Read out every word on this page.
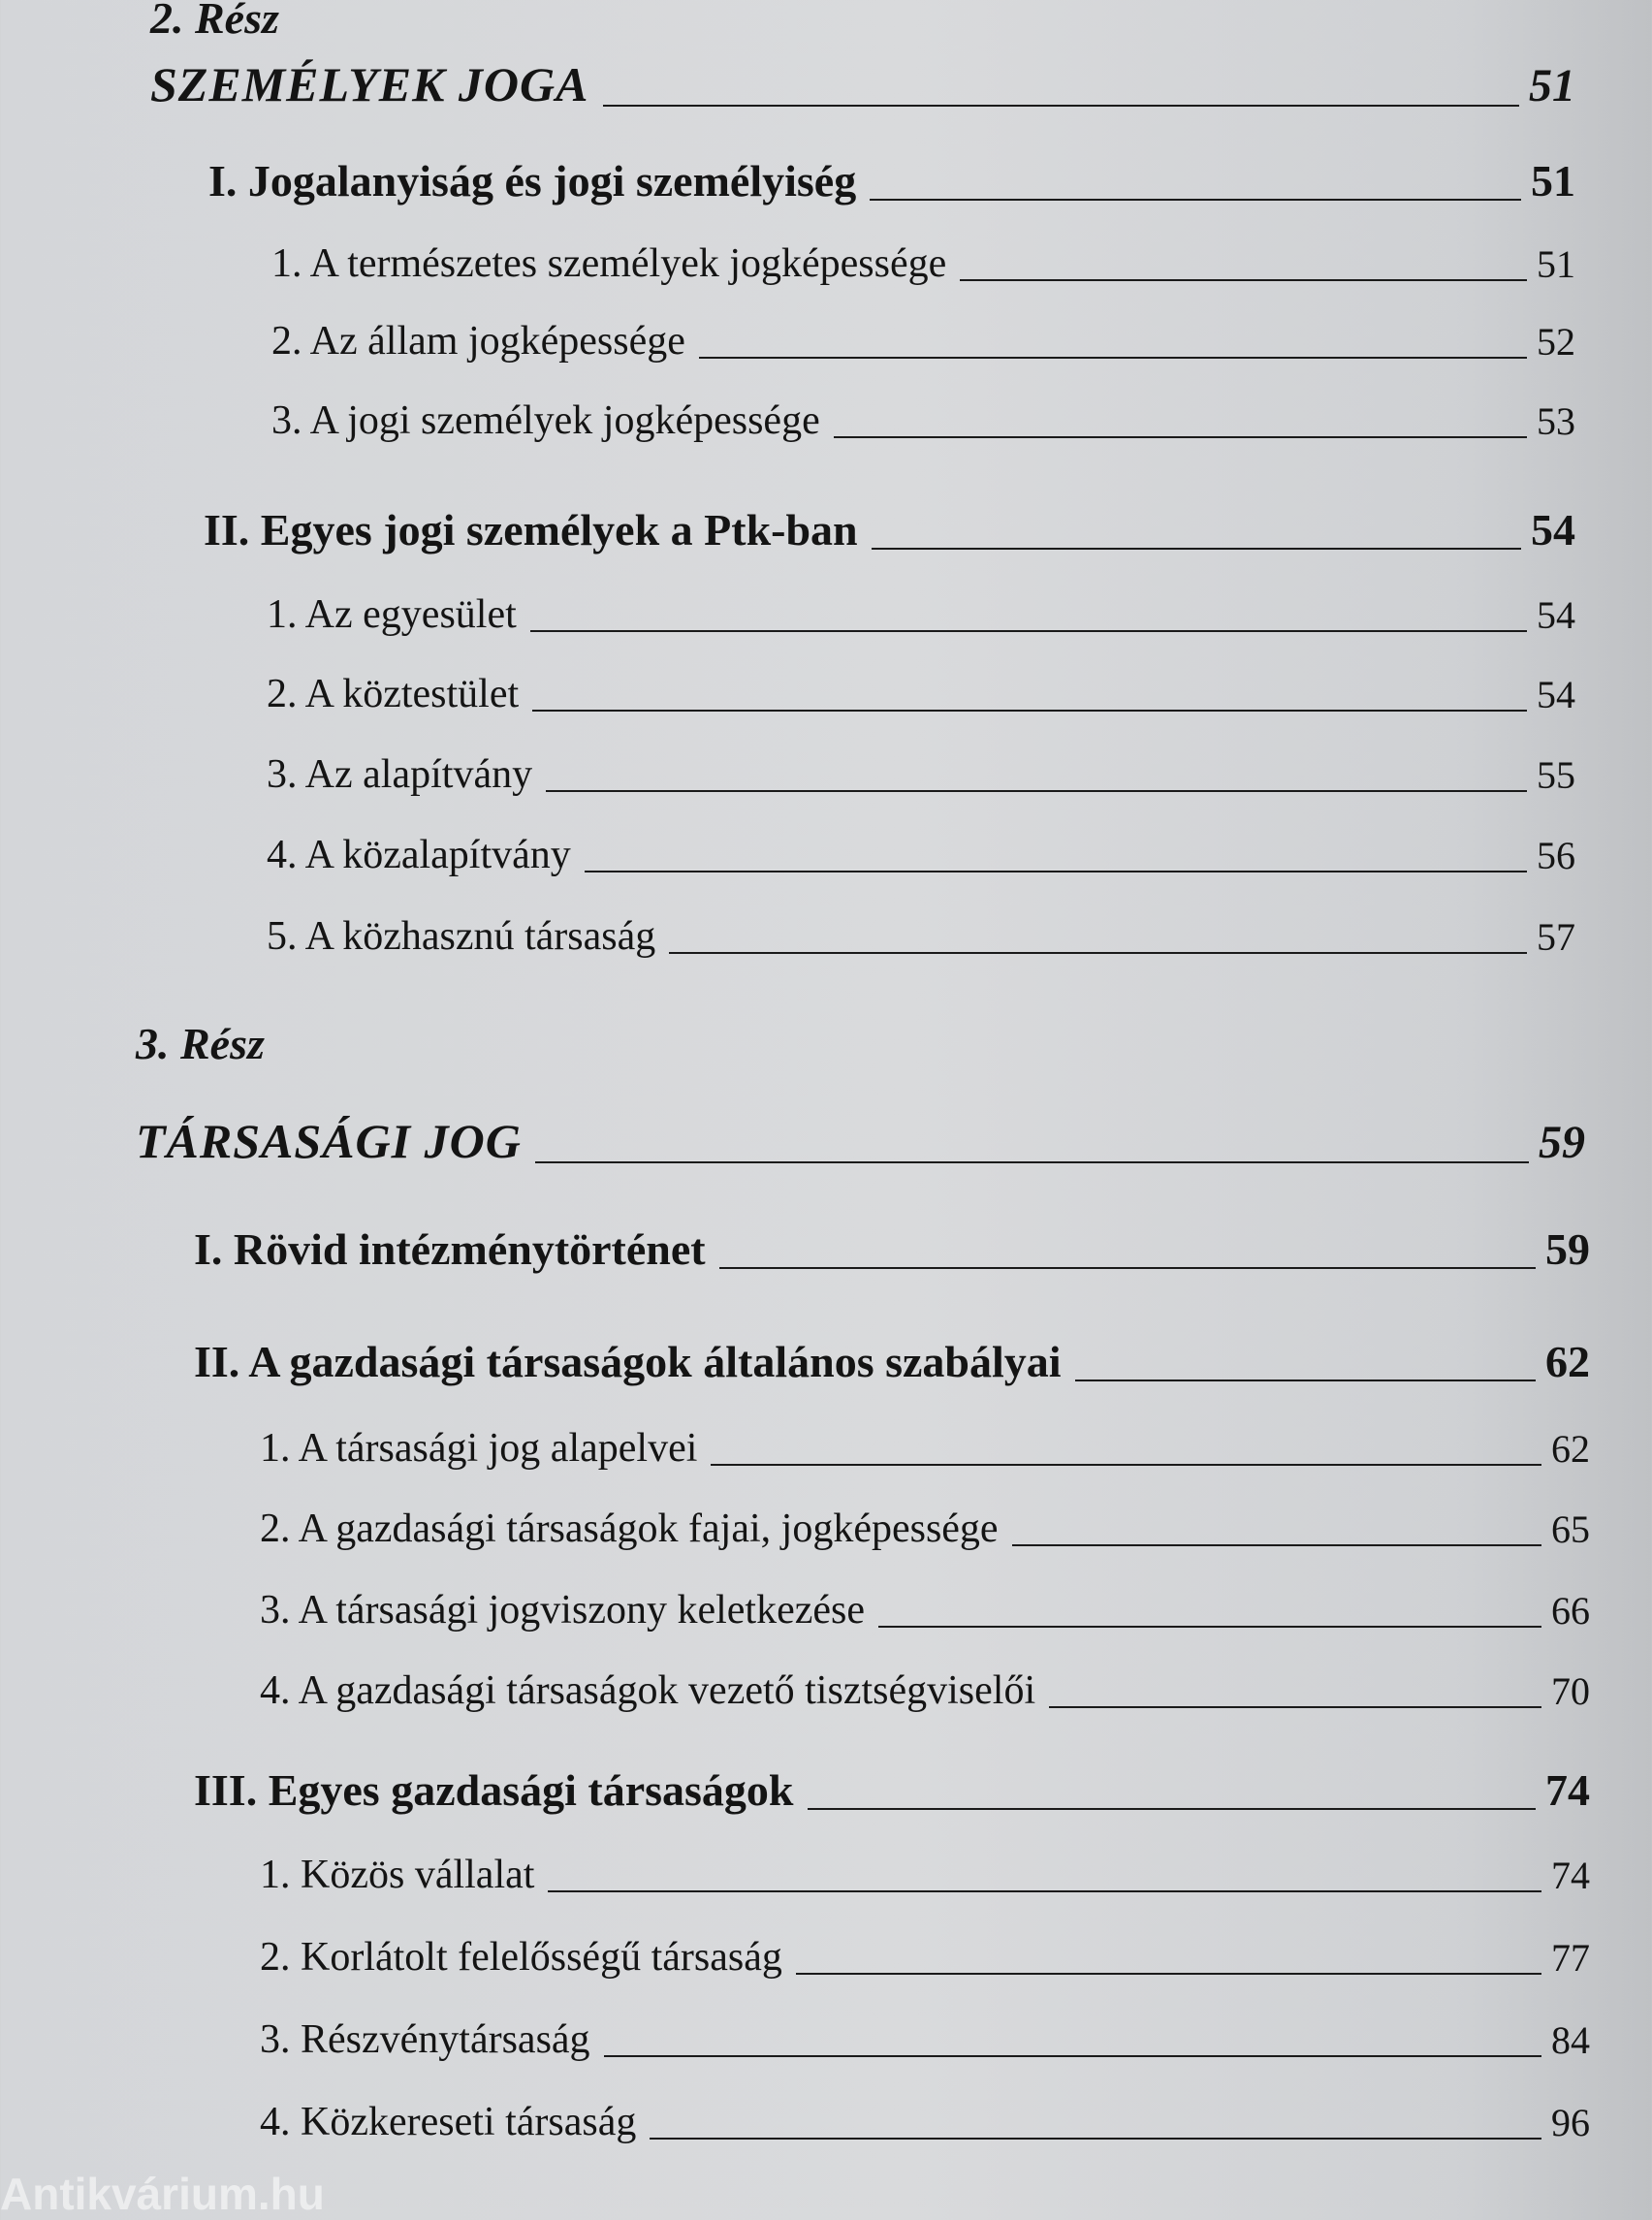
2. Rész
SZEMÉLYEK JOGA	51
I. Jogalanyiság és jogi személyiség	51
1. A természetes személyek jogképessége	51
2. Az állam jogképessége	52
3. A jogi személyek jogképessége	53
II. Egyes jogi személyek a Ptk-ban	54
1. Az egyesület	54
2. A köztestület	54
3. Az alapítvány	55
4. A közalapítvány	56
5. A közhasznú társaság	57
3. Rész
TÁRSASÁGI JOG	59
I. Rövid intézménytörténet	59
II. A gazdasági társaságok általános szabályai	62
1. A társasági jog alapelvei	62
2. A gazdasági társaságok fajai, jogképessége	65
3. A társasági jogviszony keletkezése	66
4. A gazdasági társaságok vezető tisztségviselői	70
III. Egyes gazdasági társaságok	74
1. Közös vállalat	74
2. Korlátolt felelősségű társaság	77
3. Részvénytársaság	84
4. Közkereseti társaság	96
Antikvárium.hu
